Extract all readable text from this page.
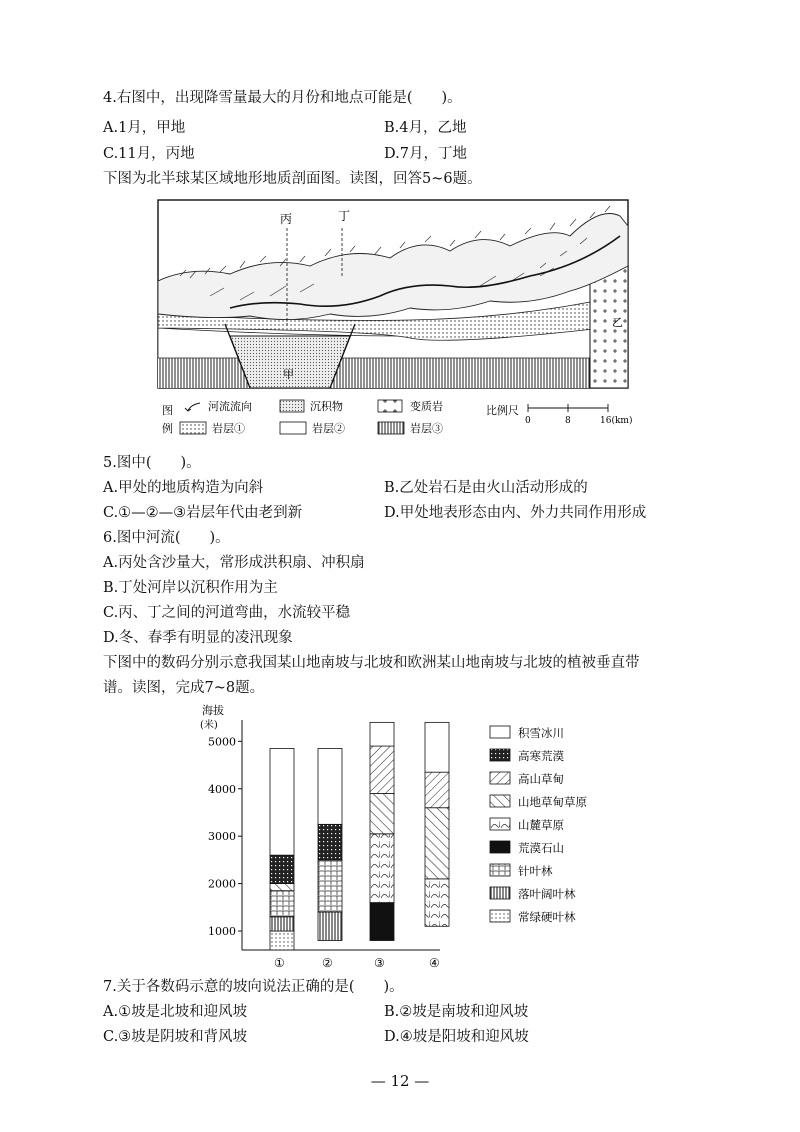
4.右图中，出现降雪量最大的月份和地点可能是(　　)。
A.1月，甲地	B.4月，乙地
C.11月，丙地	D.7月，丁地
下图为北半球某区域地形地质剖面图。读图，回答5~6题。
丙	丁
甲
乙
图
例
河流流向	沉积物	变质岩
岩层①	岩层②	岩层③
比例尺
0	8	16(km)
5.图中(　　)。
A.甲处的地质构造为向斜	B.乙处岩石是由火山活动形成的
C.①—②—③岩层年代由老到新	D.甲处地表形态由内、外力共同作用形成
6.图中河流(　　)。
A.丙处含沙量大，常形成洪积扇、冲积扇
B.丁处河岸以沉积作用为主
C.丙、丁之间的河道弯曲，水流较平稳
D.冬、春季有明显的凌汛现象
下图中的数码分别示意我国某山地南坡与北坡和欧洲某山地南坡与北坡的植被垂直带
谱。读图，完成7~8题。
海拔
(米)
1000
2000
3000
4000
5000
①	②	③	④
积雪冰川
高寒荒漠
高山草甸
山地草甸草原
山麓草原
荒漠石山
针叶林
落叶阔叶林
常绿硬叶林
7.关于各数码示意的坡向说法正确的是(　　)。
A.①坡是北坡和迎风坡	B.②坡是南坡和迎风坡
C.③坡是阴坡和背风坡	D.④坡是阳坡和迎风坡
— 12 —
